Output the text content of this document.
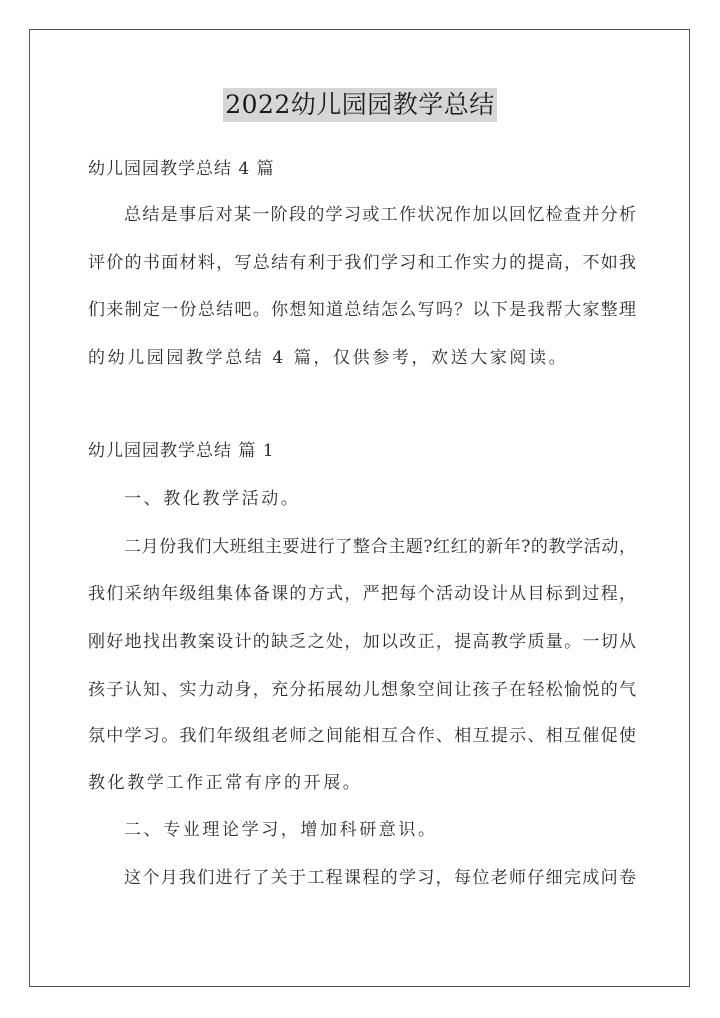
2022幼儿园园教学总结
幼儿园园教学总结 4 篇
总结是事后对某一阶段的学习或工作状况作加以回忆检查并分析
评价的书面材料，写总结有利于我们学习和工作实力的提高，不如我
们来制定一份总结吧。你想知道总结怎么写吗？以下是我帮大家整理
的幼儿园园教学总结 4 篇，仅供参考，欢送大家阅读。
幼儿园园教学总结 篇 1
一、教化教学活动。
二月份我们大班组主要进行了整合主题?红红的新年?的教学活动，
我们采纳年级组集体备课的方式，严把每个活动设计从目标到过程，
刚好地找出教案设计的缺乏之处，加以改正，提高教学质量。一切从
孩子认知、实力动身，充分拓展幼儿想象空间让孩子在轻松愉悦的气
氛中学习。我们年级组老师之间能相互合作、相互提示、相互催促使
教化教学工作正常有序的开展。
二、专业理论学习，增加科研意识。
这个月我们进行了关于工程课程的学习，每位老师仔细完成问卷
